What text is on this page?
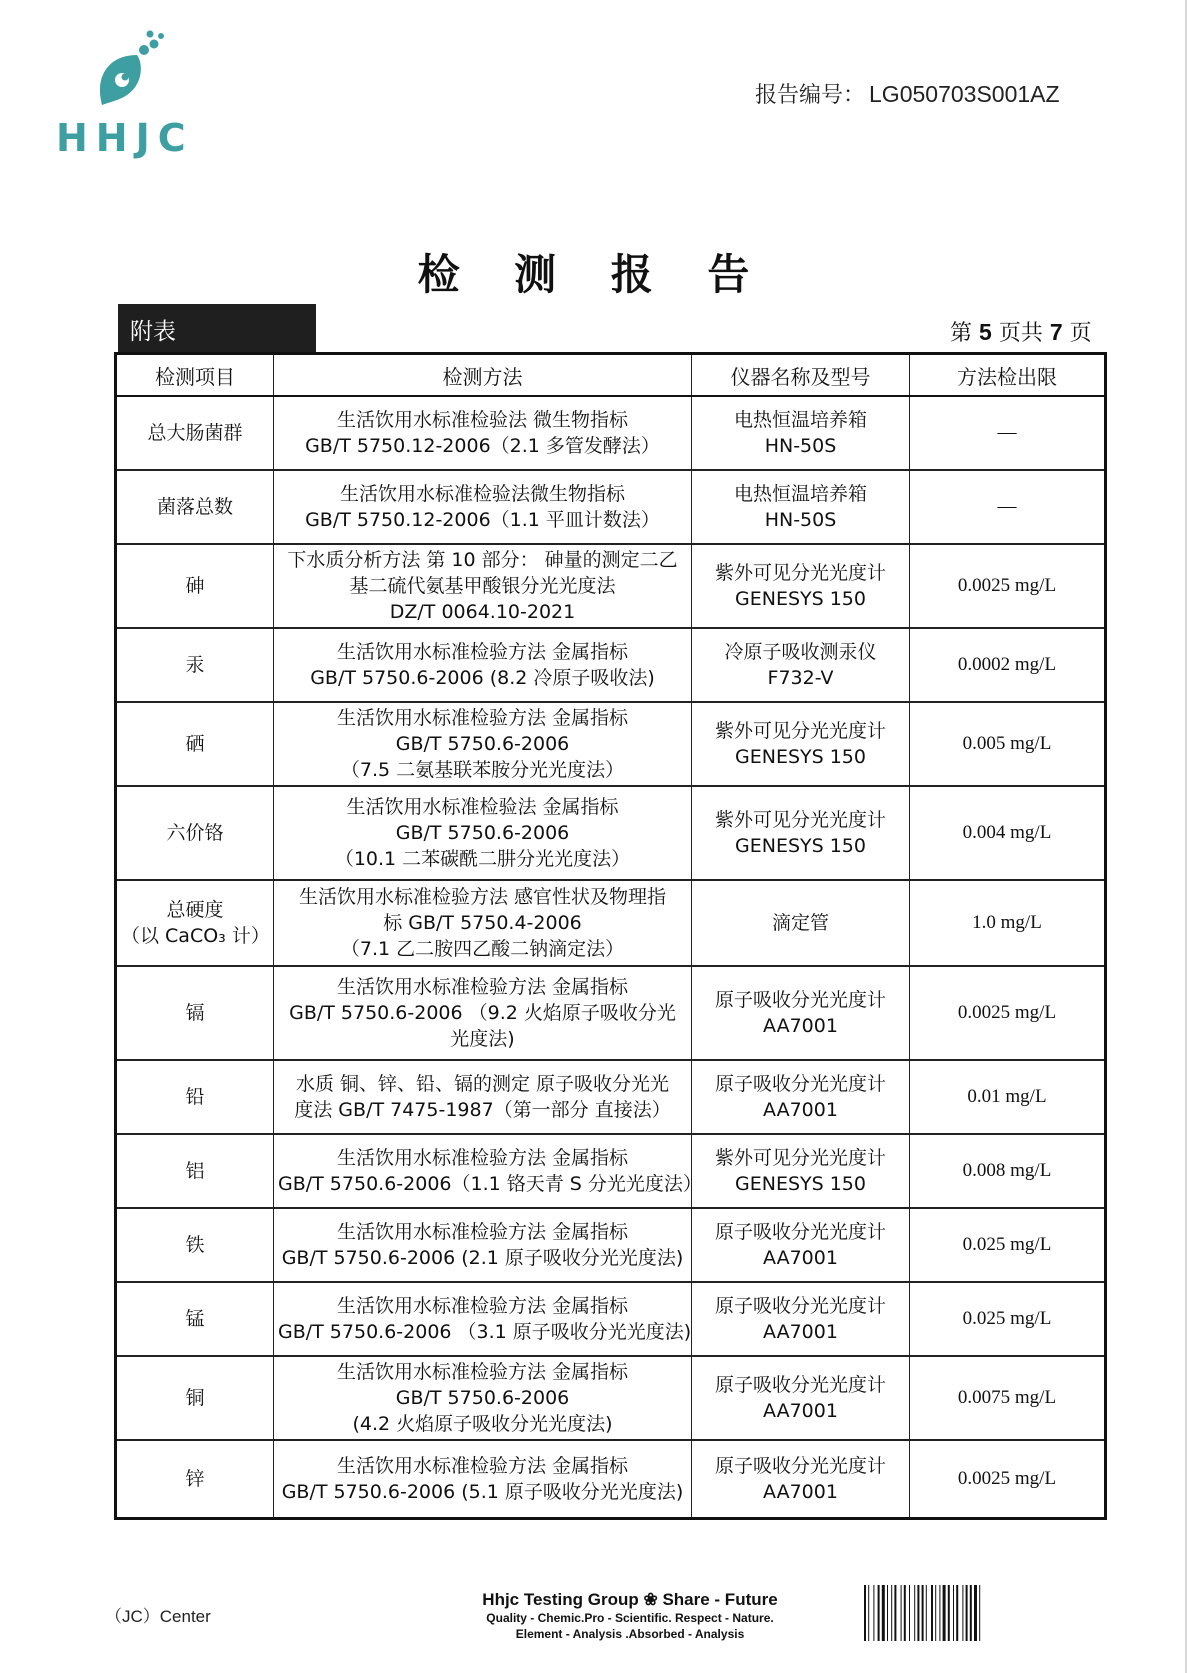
HHJC
报告编号： LG050703S001AZ
检 测 报 告
附表	第 5 页共 7 页
检测项目	检测方法	仪器名称及型号	方法检出限

总大肠菌群	生活饮用水标准检验法 微生物指标
GB/T 5750.12-2006（2.1 多管发酵法）	电热恒温培养箱
HN-50S	—

菌落总数	生活饮用水标准检验法微生物指标
GB/T 5750.12-2006（1.1 平皿计数法）	电热恒温培养箱
HN-50S	—

砷	下水质分析方法 第 10 部分： 砷量的测定二乙
基二硫代氨基甲酸银分光光度法
DZ/T 0064.10-2021	紫外可见分光光度计
GENESYS 150	0.0025 mg/L

汞	生活饮用水标准检验方法 金属指标
GB/T 5750.6-2006 (8.2 冷原子吸收法)	冷原子吸收测汞仪
F732-V	0.0002 mg/L

硒	生活饮用水标准检验方法 金属指标
GB/T 5750.6-2006
（7.5 二氨基联苯胺分光光度法）	紫外可见分光光度计
GENESYS 150	0.005 mg/L

六价铬	生活饮用水标准检验法 金属指标
GB/T 5750.6-2006
（10.1 二苯碳酰二肼分光光度法）	紫外可见分光光度计
GENESYS 150	0.004 mg/L

总硬度
（以 CaCO₃ 计）	生活饮用水标准检验方法 感官性状及物理指
标 GB/T 5750.4-2006
（7.1 乙二胺四乙酸二钠滴定法）	滴定管	1.0 mg/L

镉	生活饮用水标准检验方法 金属指标
GB/T 5750.6-2006 （9.2 火焰原子吸收分光
光度法)	原子吸收分光光度计
AA7001	0.0025 mg/L

铅	水质 铜、锌、铅、镉的测定 原子吸收分光光
度法 GB/T 7475-1987（第一部分 直接法）	原子吸收分光光度计
AA7001	0.01 mg/L

铝	生活饮用水标准检验方法 金属指标
GB/T 5750.6-2006（1.1 铬天青 S 分光光度法）	紫外可见分光光度计
GENESYS 150	0.008 mg/L

铁	生活饮用水标准检验方法 金属指标
GB/T 5750.6-2006 (2.1 原子吸收分光光度法)	原子吸收分光光度计
AA7001	0.025 mg/L

锰	生活饮用水标准检验方法 金属指标
GB/T 5750.6-2006 （3.1 原子吸收分光光度法)	原子吸收分光光度计
AA7001	0.025 mg/L

铜	生活饮用水标准检验方法 金属指标
GB/T 5750.6-2006
(4.2 火焰原子吸收分光光度法)	原子吸收分光光度计
AA7001	0.0075 mg/L

锌	生活饮用水标准检验方法 金属指标
GB/T 5750.6-2006 (5.1 原子吸收分光光度法)	原子吸收分光光度计
AA7001	0.0025 mg/L
（JC）Center
Hhjc Testing Group ❀ Share - Future
Quality - Chemic.Pro - Scientific. Respect - Nature.
Element - Analysis .Absorbed - Analysis
